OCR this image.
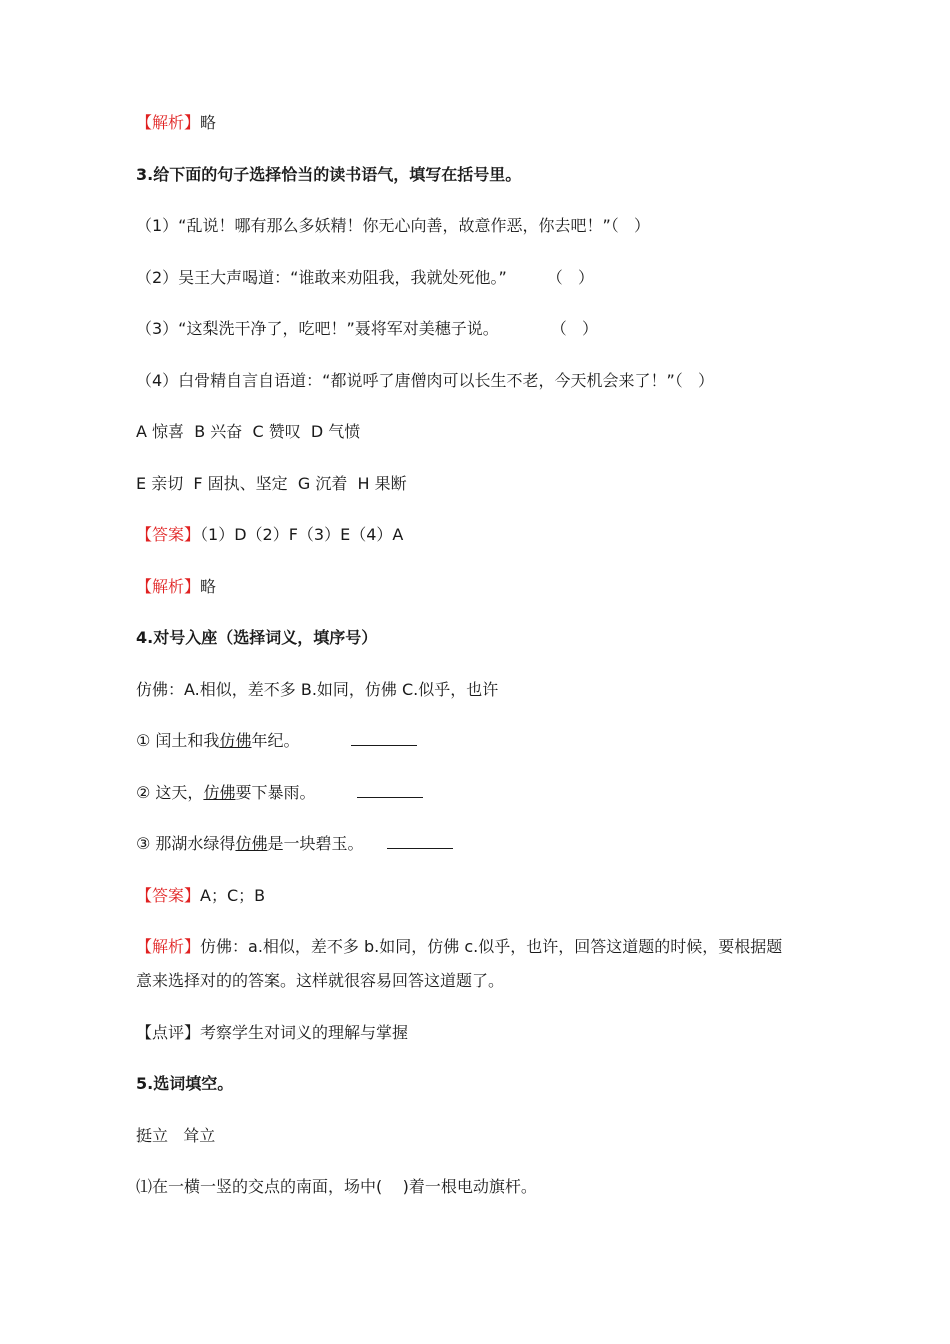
【解析】略

3.给下面的句子选择恰当的读书语气，填写在括号里。

（1）“乱说！哪有那么多妖精！你无心向善，故意作恶，你去吧！”（   ）

（2）吴王大声喝道：“谁敢来劝阻我，我就处死他。”	（   ）

（3）“这梨洗干净了，吃吧！”聂将军对美穗子说。	（   ）

（4）白骨精自言自语道：“都说呼了唐僧肉可以长生不老，今天机会来了！”（   ）

A 惊喜  B 兴奋  C 赞叹  D 气愤

E 亲切  F 固执、坚定  G 沉着  H 果断

【答案】（1）D（2）F（3）E（4）A

【解析】略

4.对号入座（选择词义，填序号）

仿佛：A.相似，差不多 B.如同，仿佛 C.似乎，也许

① 闰土和我仿佛年纪。

② 这天，仿佛要下暴雨。

③ 那湖水绿得仿佛是一块碧玉。

【答案】A；C；B

【解析】仿佛：a.相似，差不多 b.如同，仿佛 c.似乎，也许，回答这道题的时候，要根据题

意来选择对的的答案。这样就很容易回答这道题了。

【点评】考察学生对词义的理解与掌握

5.选词填空。

挺立   耸立

⑴在一横一竖的交点的南面，场中(    )着一根电动旗杆。
